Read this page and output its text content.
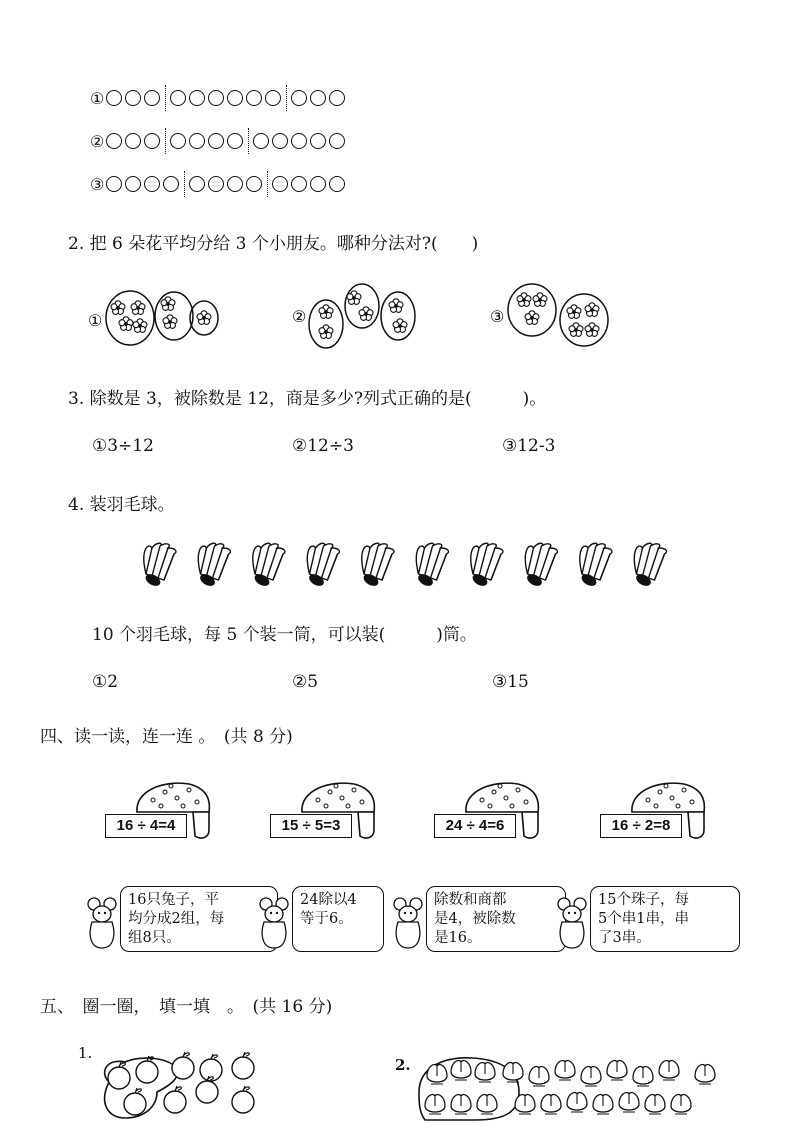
①
②
③
2. 把 6 朵花平均分给 3 个小朋友。哪种分法对?(　　)
①	②	③
3. 除数是 3，被除数是 12，商是多少?列式正确的是(　　　)。
①3÷12	②12÷3	③12-3
4. 装羽毛球。
10 个羽毛球，每 5 个装一筒，可以装(　　　)筒。
①2	②5	③15
四、读一读，连一连 。　(共 8 分)
16 ÷ 4=4	15 ÷ 5=3	24 ÷ 4=6	16 ÷ 2=8
16只兔子，平
均分成2组，每
组8只。
24除以4
等于6。
除数和商都
是4，被除数
是16。
15个珠子，每
5个串1串，串
了3串。
五、　圈一圈，　填一填　。　(共 16 分)
1.
2.
